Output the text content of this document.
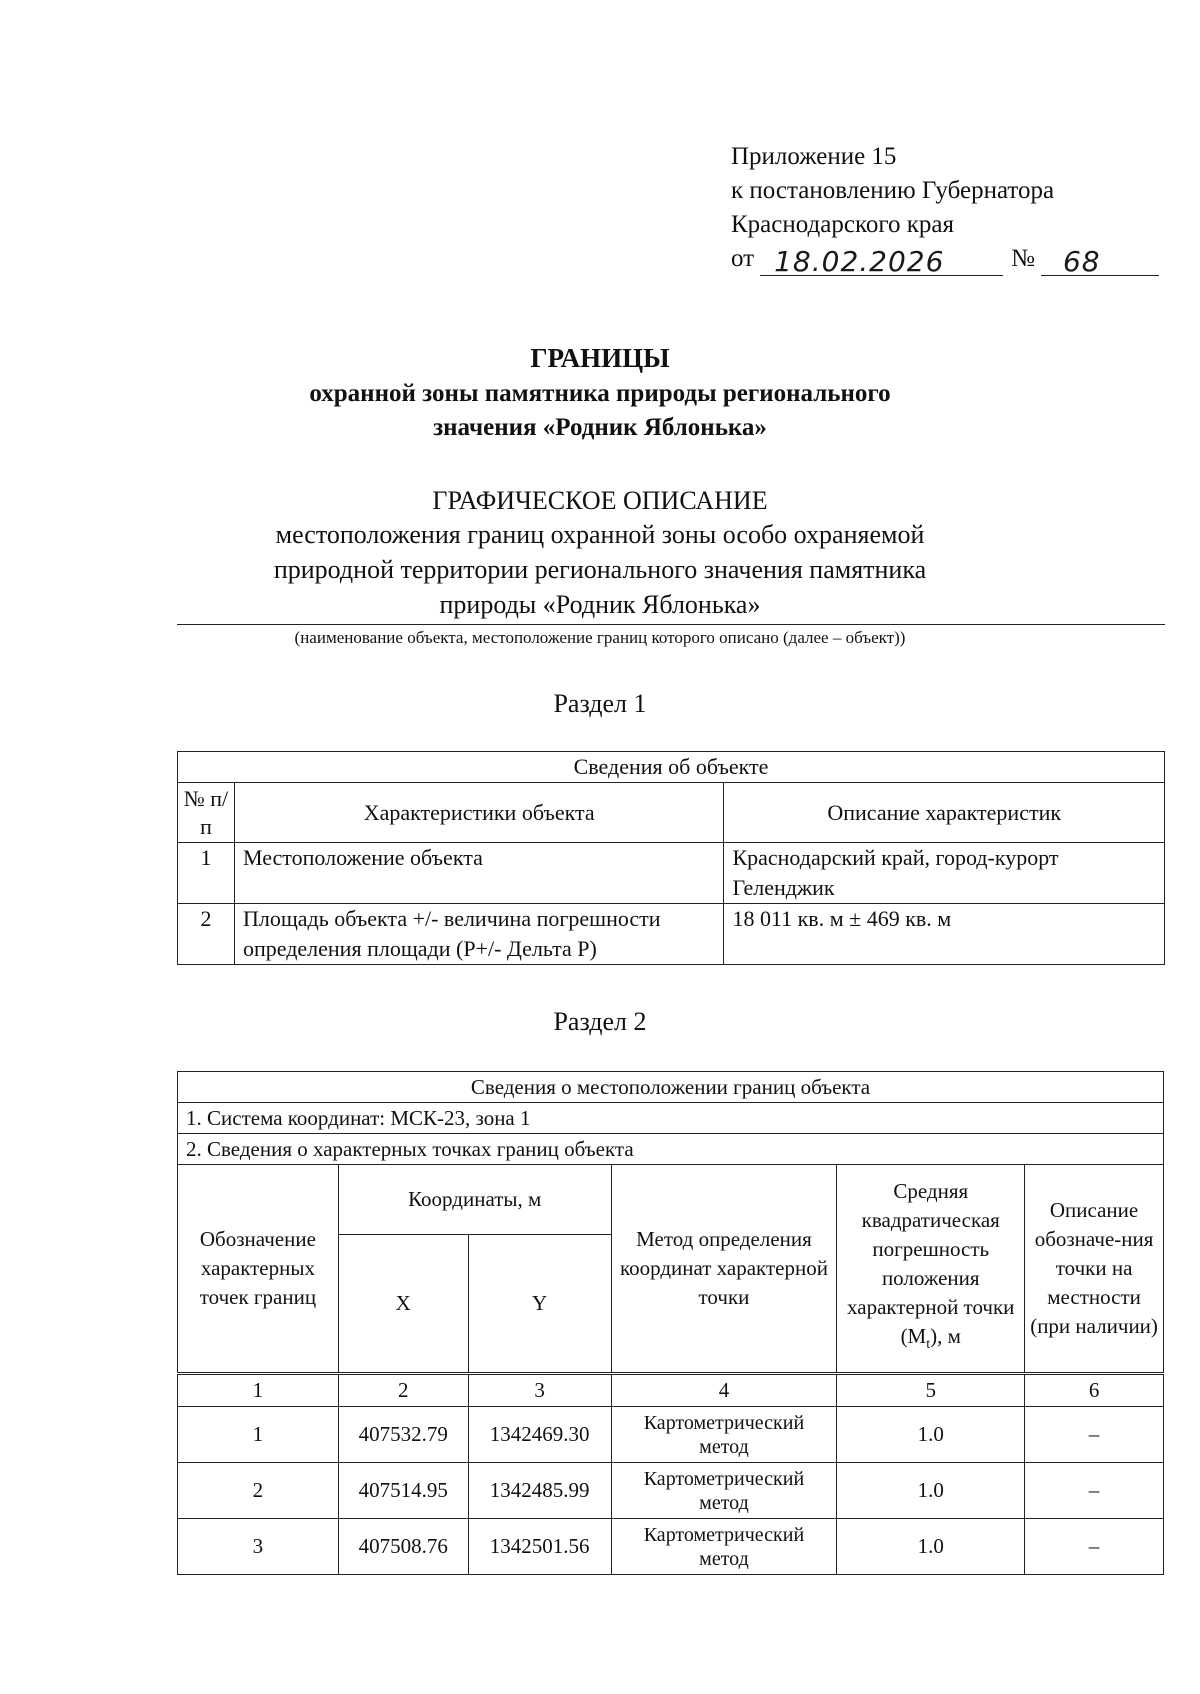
Приложение 15
к постановлению Губернатора
Краснодарского края
от 18.02.2026	№ 68
ГРАНИЦЫ
охранной зоны памятника природы регионального
значения «Родник Яблонька»
ГРАФИЧЕСКОЕ ОПИСАНИЕ
местоположения границ охранной зоны особо охраняемой
природной территории регионального значения памятника
природы «Родник Яблонька»
(наименование объекта, местоположение границ которого описано (далее – объект))
Раздел 1
Сведения об объекте		
№ п/п	Характеристики объекта	Описание характеристик
1	Местоположение объекта	Краснодарский край, город-курорт Геленджик
2	Площадь объекта +/- величина погрешности определения площади (Р+/- Дельта Р)	18 011 кв. м ± 469 кв. м
Раздел 2
Сведения о местоположении границ объекта					
1. Система координат: МСК-23, зона 1					
2. Сведения о характерных точках границ объекта					
Обозначение характерных точек границ	Координаты, м		Метод определения координат характерной точки	Средняя квадратическая погрешность положения характерной точки $(M_t)$, м	Описание обозначе-ния точки на местности (при наличии)
	X	Y			
1	2	3	4	5	6
1	407532.79	1342469.30	Картометрический метод	1.0	–
2	407514.95	1342485.99	Картометрический метод	1.0	–
3	407508.76	1342501.56	Картометрический метод	1.0	–
